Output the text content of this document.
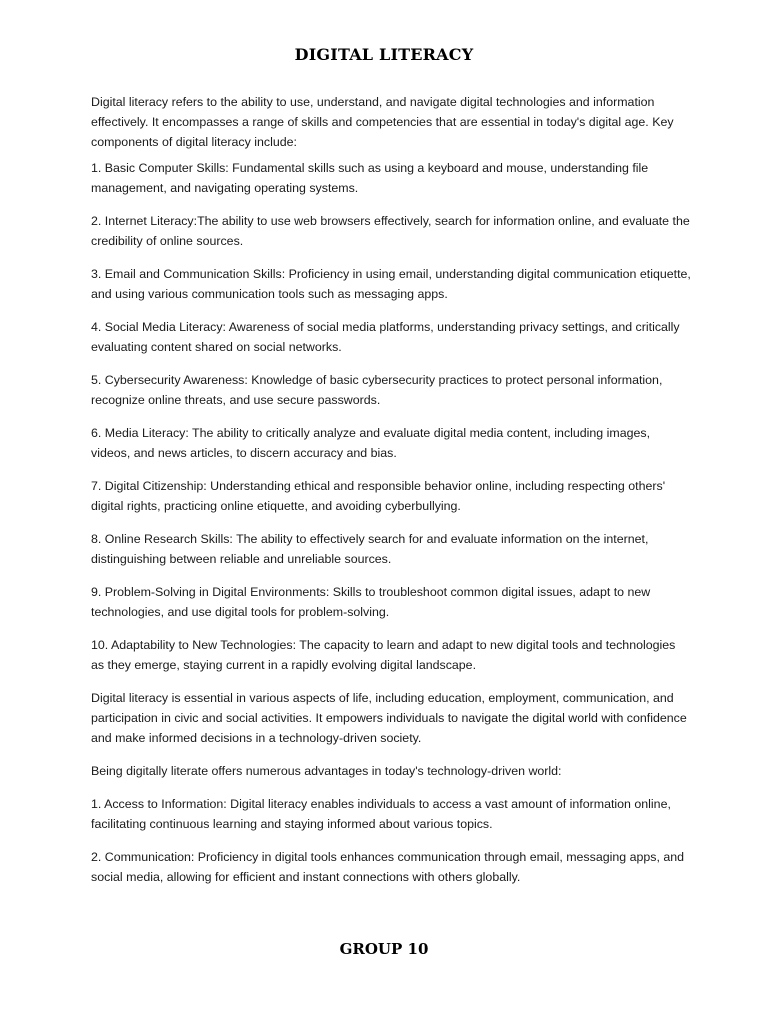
DIGITAL LITERACY
Digital literacy refers to the ability to use, understand, and navigate digital technologies and information effectively. It encompasses a range of skills and competencies that are essential in today's digital age. Key components of digital literacy include:

1. Basic Computer Skills: Fundamental skills such as using a keyboard and mouse, understanding file management, and navigating operating systems.

2. Internet Literacy:The ability to use web browsers effectively, search for information online, and evaluate the credibility of online sources.

3. Email and Communication Skills: Proficiency in using email, understanding digital communication etiquette, and using various communication tools such as messaging apps.

4. Social Media Literacy: Awareness of social media platforms, understanding privacy settings, and critically evaluating content shared on social networks.

5. Cybersecurity Awareness: Knowledge of basic cybersecurity practices to protect personal information, recognize online threats, and use secure passwords.

6. Media Literacy: The ability to critically analyze and evaluate digital media content, including images, videos, and news articles, to discern accuracy and bias.

7. Digital Citizenship: Understanding ethical and responsible behavior online, including respecting others' digital rights, practicing online etiquette, and avoiding cyberbullying.

8. Online Research Skills: The ability to effectively search for and evaluate information on the internet, distinguishing between reliable and unreliable sources.

9. Problem-Solving in Digital Environments: Skills to troubleshoot common digital issues, adapt to new technologies, and use digital tools for problem-solving.

10. Adaptability to New Technologies: The capacity to learn and adapt to new digital tools and technologies as they emerge, staying current in a rapidly evolving digital landscape.

Digital literacy is essential in various aspects of life, including education, employment, communication, and participation in civic and social activities. It empowers individuals to navigate the digital world with confidence and make informed decisions in a technology-driven society.

Being digitally literate offers numerous advantages in today's technology-driven world:

1. Access to Information: Digital literacy enables individuals to access a vast amount of information online, facilitating continuous learning and staying informed about various topics.

2. Communication: Proficiency in digital tools enhances communication through email, messaging apps, and social media, allowing for efficient and instant connections with others globally.

GROUP 10
